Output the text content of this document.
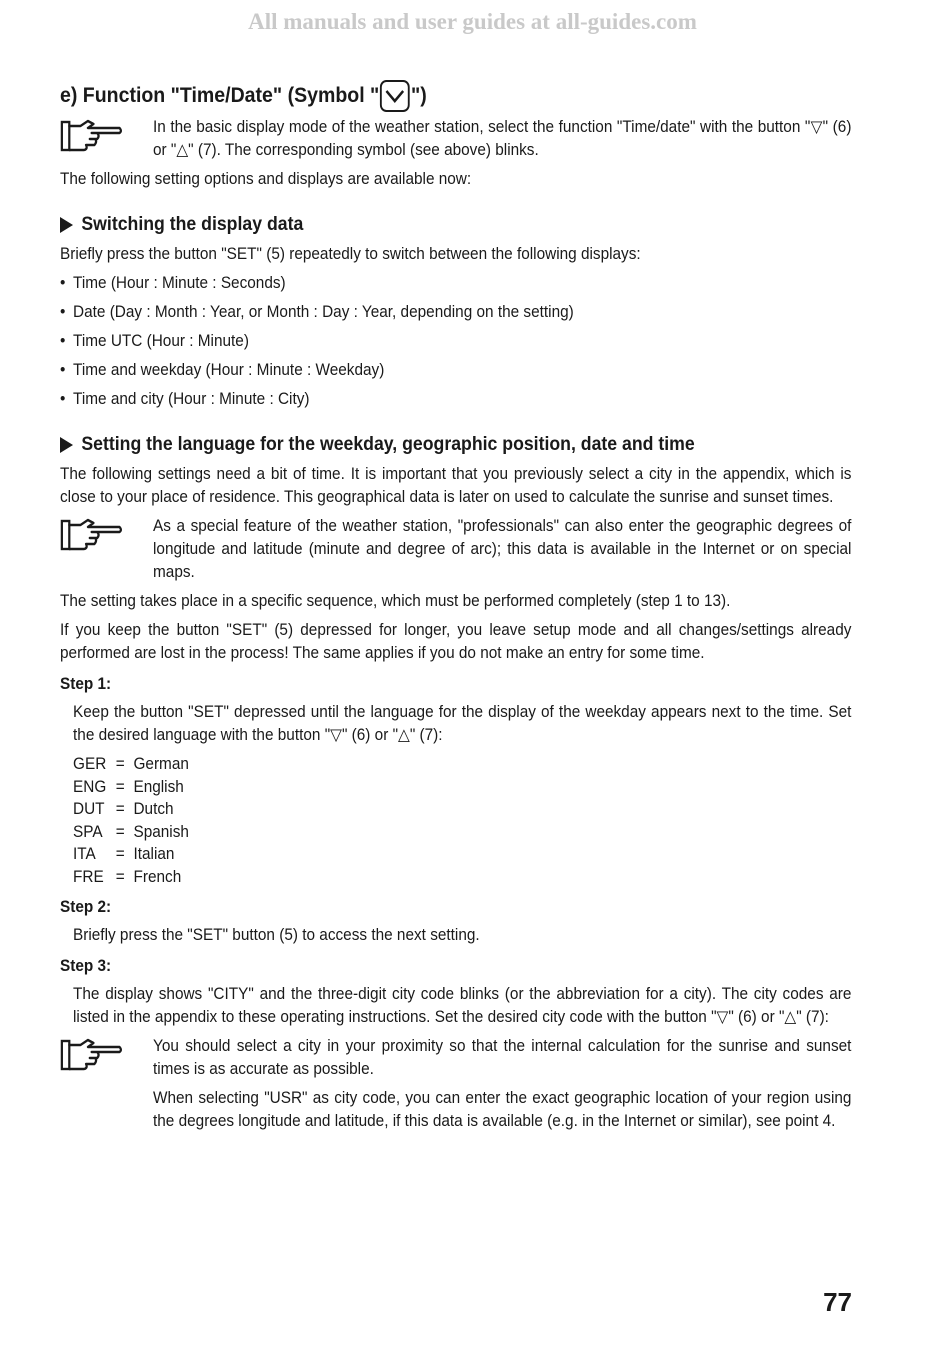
All manuals and user guides at all-guides.com
e) Function "Time/Date" (Symbol " ")
In the basic display mode of the weather station, select the function "Time/date" with the button "▽" (6) or "△" (7). The corresponding symbol (see above) blinks.

The following setting options and displays are available now:

Switching the display data

Briefly press the button "SET" (5) repeatedly to switch between the following displays:

• Time (Hour : Minute : Seconds)
• Date (Day : Month : Year, or Month : Day : Year, depending on the setting)
• Time UTC (Hour : Minute)
• Time and weekday (Hour : Minute : Weekday)
• Time and city (Hour : Minute : City)
Setting the language for the weekday, geographic position, date and time

The following settings need a bit of time. It is important that you previously select a city in the appendix, which is close to your place of residence. This geographical data is later on used to calculate the sunrise and sunset times.

As a special feature of the weather station, "professionals" can also enter the geographic degrees of longitude and latitude (minute and degree of arc); this data is available in the Internet or on special maps.

The setting takes place in a specific sequence, which must be performed completely (step 1 to 13).

If you keep the button "SET" (5) depressed for longer, you leave setup mode and all changes/settings already performed are lost in the process! The same applies if you do not make an entry for some time.

Step 1:

Keep the button "SET" depressed until the language for the display of the weekday appears next to the time. Set the desired language with the button "▽" (6) or "△" (7):

GER	=	German
ENG	=	English
DUT	=	Dutch
SPA	=	Spanish
ITA	=	Italian
FRE	=	French
Step 2:

Briefly press the "SET" button (5) to access the next setting.

Step 3:

The display shows "CITY" and the three-digit city code blinks (or the abbreviation for a city). The city codes are listed in the appendix to these operating instructions. Set the desired city code with the button "▽" (6) or "△" (7):

You should select a city in your proximity so that the internal calculation for the sunrise and sunset times is as accurate as possible.

When selecting "USR" as city code, you can enter the exact geographic location of your region using the degrees longitude and latitude, if this data is available (e.g. in the Internet or similar), see point 4.

77
